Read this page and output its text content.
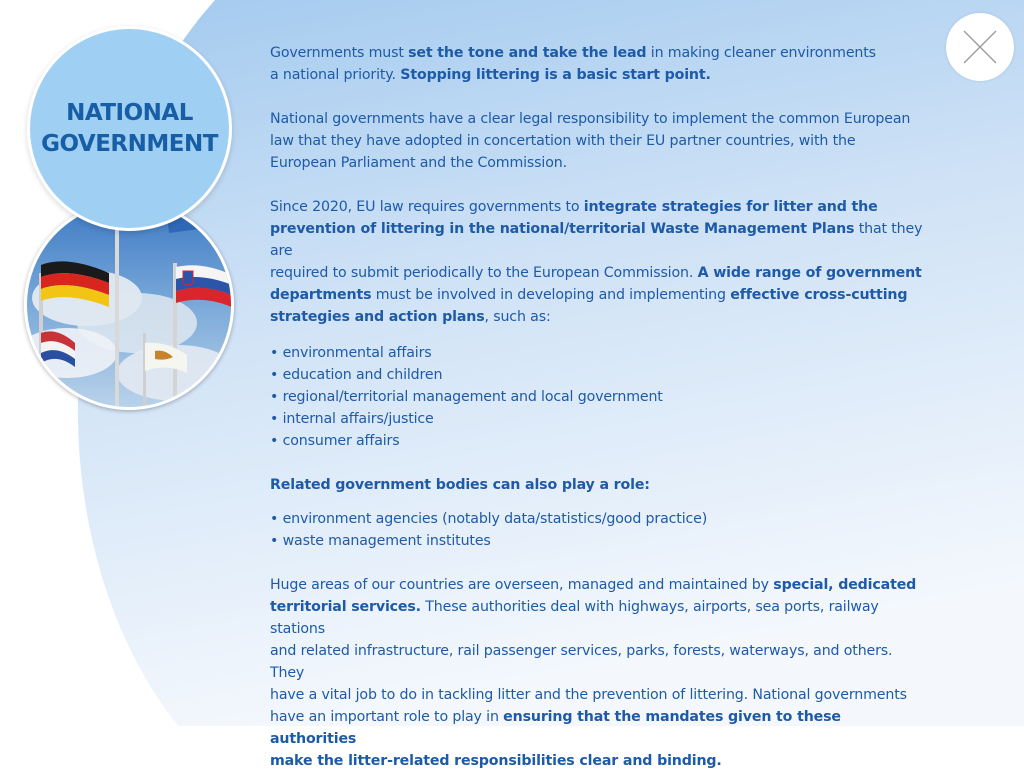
NATIONAL
GOVERNMENT

Governments must set the tone and take the lead in making cleaner environments
a national priority. Stopping littering is a basic start point.

National governments have a clear legal responsibility to implement the common European
law that they have adopted in concertation with their EU partner countries, with the
European Parliament and the Commission.

Since 2020, EU law requires governments to integrate strategies for litter and the
prevention of littering in the national/territorial Waste Management Plans that they are
required to submit periodically to the European Commission. A wide range of government
departments must be involved in developing and implementing effective cross-cutting
strategies and action plans, such as:

• environmental affairs
• education and children
• regional/territorial management and local government
• internal affairs/justice
• consumer affairs

Related government bodies can also play a role:

• environment agencies (notably data/statistics/good practice)
• waste management institutes

Huge areas of our countries are overseen, managed and maintained by special, dedicated
territorial services. These authorities deal with highways, airports, sea ports, railway stations
and related infrastructure, rail passenger services, parks, forests, waterways, and others. They
have a vital job to do in tackling litter and the prevention of littering. National governments
have an important role to play in ensuring that the mandates given to these authorities
make the litter-related responsibilities clear and binding.
